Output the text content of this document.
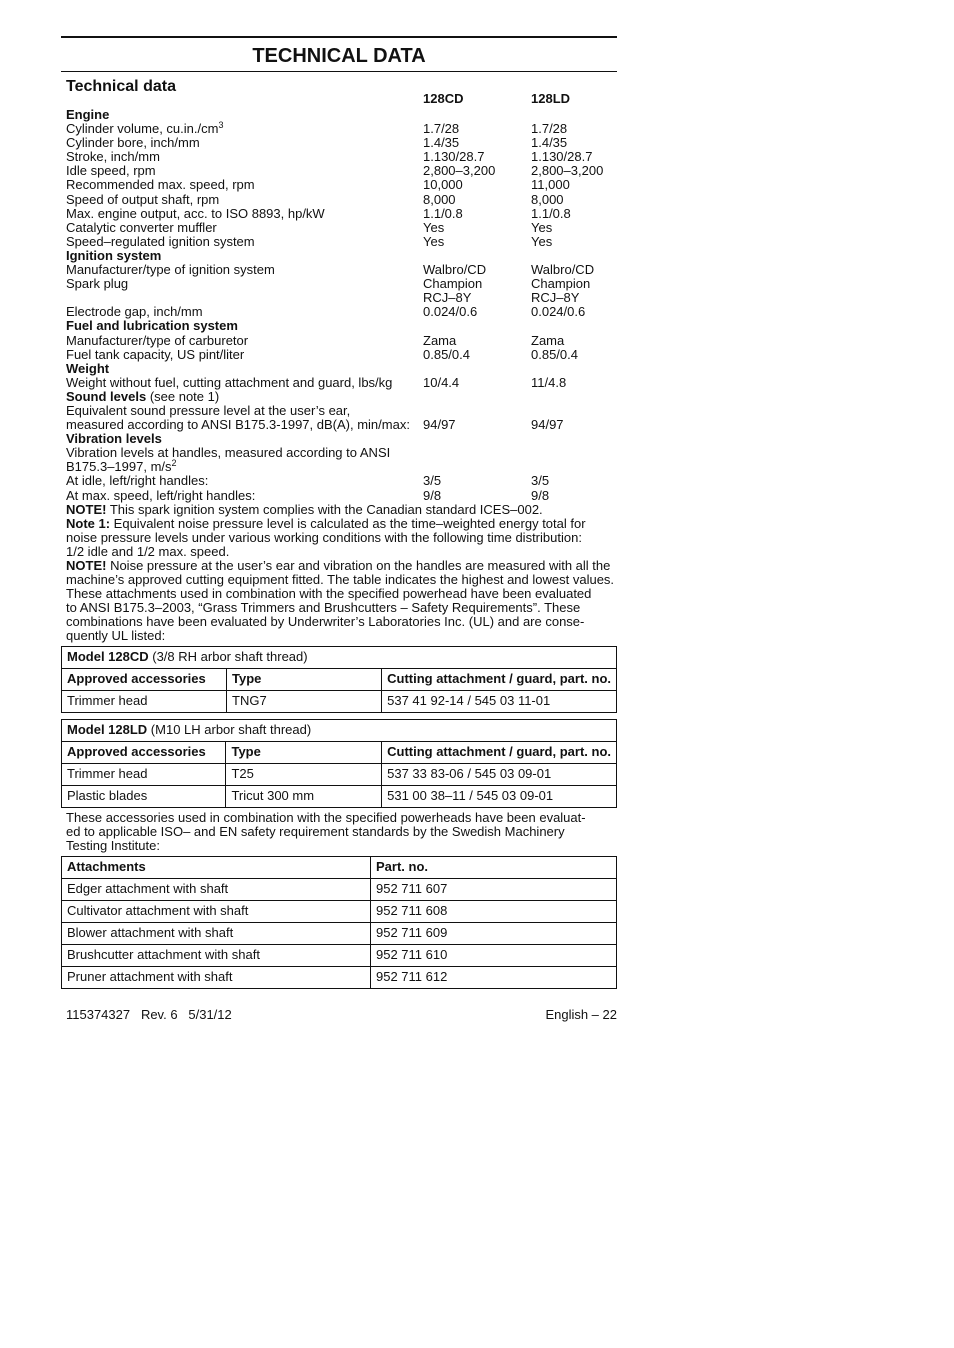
TECHNICAL DATA
Technical data
128CD	128LD
Engine
Cylinder volume, $cu.in./cm^3$	1.7/28	1.7/28
Cylinder bore, inch/mm	1.4/35	1.4/35
Stroke, inch/mm	1.130/28.7	1.130/28.7
Idle speed, rpm	2,800–3,200	2,800–3,200
Recommended max. speed, rpm	10,000	11,000
Speed of output shaft, rpm	8,000	8,000
Max. engine output, acc. to ISO 8893, hp/kW	1.1/0.8	1.1/0.8
Catalytic converter muffler	Yes	Yes
Speed–regulated ignition system	Yes	Yes
Ignition system
Manufacturer/type of ignition system	Walbro/CD	Walbro/CD
Spark plug	Champion	Champion
RCJ–8Y	RCJ–8Y
Electrode gap, inch/mm	0.024/0.6	0.024/0.6
Fuel and lubrication system
Manufacturer/type of carburetor	Zama	Zama
Fuel tank capacity, US pint/liter	0.85/0.4	0.85/0.4
Weight
Weight without fuel, cutting attachment and guard, lbs/kg 10/4.4	11/4.8
Sound levels (see note 1)
Equivalent sound pressure level at the user’s ear,
measured according to ANSI B175.3-1997, dB(A), min/max: 94/97	94/97
Vibration levels
Vibration levels at handles, measured according to ANSI
B175.3–1997, $m/s^2$
At idle, left/right handles:	3/5	3/5
At max. speed, left/right handles:	9/8	9/8

NOTE! This spark ignition system complies with the Canadian standard ICES–002.

Note 1: Equivalent noise pressure level is calculated as the time–weighted energy total for
noise pressure levels under various working conditions with the following time distribution:
1/2 idle and 1/2 max. speed.

NOTE! Noise pressure at the user’s ear and vibration on the handles are measured with all the
machine’s approved cutting equipment fitted. The table indicates the highest and lowest values.
These attachments used in combination with the specified powerhead have been evaluated
to ANSI B175.3–2003, “Grass Trimmers and Brushcutters – Safety Requirements”. These
combinations have been evaluated by Underwriter’s Laboratories Inc. (UL) and are conse-
quently UL listed:

Model 128CD (3/8 RH arbor shaft thread)		
Approved accessories	Type	Cutting attachment / guard, part. no.
Trimmer head	TNG7	537 41 92-14 / 545 03 11-01
Model 128LD (M10 LH arbor shaft thread)		
Approved accessories	Type	Cutting attachment / guard, part. no.
Trimmer head	T25	537 33 83-06 / 545 03 09-01
Plastic blades	Tricut 300 mm	531 00 38–11 / 545 03 09-01
These accessories used in combination with the specified powerheads have been evaluat-
ed to applicable ISO– and EN safety requirement standards by the Swedish Machinery
Testing Institute:
Attachments	Part. no.
Edger attachment with shaft	952 711 607
Cultivator attachment with shaft	952 711 608
Blower attachment with shaft	952 711 609
Brushcutter attachment with shaft	952 711 610
Pruner attachment with shaft	952 711 612
115374327   Rev. 6   5/31/12	English – 22
